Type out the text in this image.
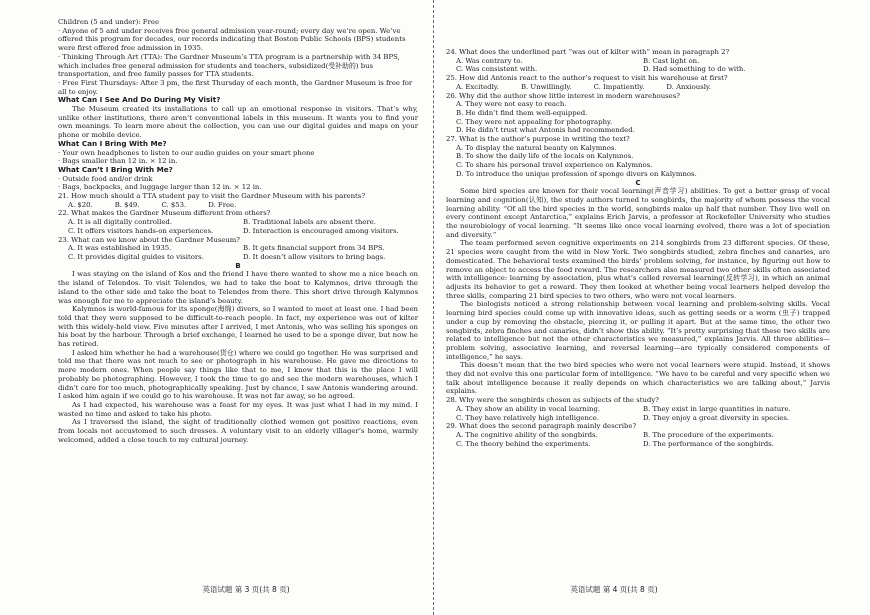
Children (5 and under): Free

· Anyone of 5 and under receives free general admission year-round; every day we’re open. We’ve offered this program for decades, our records indicating that Boston Public Schools (BPS) students were first offered free admission in 1935.

· Thinking Through Art (TTA): The Gardner Museum’s TTA program is a partnership with 34 BPS, which includes free general admission for students and teachers, subsidized(受补助的) bus transportation, and free family passes for TTA students.

· Free First Thursdays: After 3 pm, the first Thursday of each month, the Gardner Museum is free for all to enjoy.

What Can I See And Do During My Visit?

The Museum created its installations to call up an emotional response in visitors. That’s why, unlike other institutions, there aren’t conventional labels in this museum. It wants you to find your own meanings. To learn more about the collection, you can use our digital guides and maps on your phone or mobile device.

What Can I Bring With Me?

· Your own headphones to listen to our audio guides on your smart phone

· Bags smaller than 12 in. × 12 in.

What Can’t I Bring With Me?

· Outside food and/or drink

· Bags, backpacks, and luggage larger than 12 in. × 12 in.

21. How much should a TTA student pay to visit the Gardner Museum with his parents?

A. $20.	B. $49.	C. $53.	D. Free.

22. What makes the Gardner Museum different from others?

A. It is all digitally controlled.	B. Traditional labels are absent there.
C. It offers visitors hands-on experiences.	D. Interaction is encouraged among visitors.

23. What can we know about the Gardner Museum?

A. It was established in 1935.	B. It gets financial support from 34 BPS.
C. It provides digital guides to visitors.	D. It doesn’t allow visitors to bring bags.

B

I was staying on the island of Kos and the friend I have there wanted to show me a nice beach on the island of Telendos. To visit Telendos, we had to take the boat to Kalymnos, drive through the island to the other side and take the boat to Telendos from there. This short drive through Kalymnos was enough for me to appreciate the island’s beauty.

Kalymnos is world-famous for its sponge(海绵) divers, so I wanted to meet at least one. I had been told that they were supposed to be difficult-to-reach people. In fact, my experience was out of kilter with this widely-held view. Five minutes after I arrived, I met Antonis, who was selling his sponges on his boat by the harbour. Through a brief exchange, I learned he used to be a sponge diver, but now he has retired.

I asked him whether he had a warehouse(货仓) where we could go together. He was surprised and told me that there was not much to see or photograph in his warehouse. He gave me directions to more modern ones. When people say things like that to me, I know that this is the place I will probably be photographing. However, I took the time to go and see the modern warehouses, which I didn’t care for too much, photographically speaking. Just by chance, I saw Antonis wandering around. I asked him again if we could go to his warehouse. It was not far away, so he agreed.

As I had expected, his warehouse was a feast for my eyes. It was just what I had in my mind. I wasted no time and asked to take his photo.

As I traversed the island, the sight of traditionally clothed women got positive reactions, even from locals not accustomed to such dresses. A voluntary visit to an elderly villager’s home, warmly welcomed, added a close touch to my cultural journey.

英语试题 第 3 页(共 8 页)

24. What does the underlined part “was out of kilter with” mean in paragraph 2?

A. Was contrary to.	B. Cast light on.
C. Was consistent with.	D. Had something to do with.

25. How did Antonis react to the author’s request to visit his warehouse at first?

A. Excitedly.	B. Unwillingly.	C. Impatiently.	D. Anxiously.

26. Why did the author show little interest in modern warehouses?

A. They were not easy to reach.
B. He didn’t find them well-equipped.
C. They were not appealing for photography.
D. He didn’t trust what Antonis had recommended.

27. What is the author’s purpose in writing the text?

A. To display the natural beauty on Kalymnos.
B. To show the daily life of the locals on Kalymnos.
C. To share his personal travel experience on Kalymnos.
D. To introduce the unique profession of sponge divers on Kalymnos.

C

Some bird species are known for their vocal learning(声音学习) abilities. To get a better grasp of vocal learning and cognition(认知), the study authors turned to songbirds, the majority of whom possess the vocal learning ability. “Of all the bird species in the world, songbirds make up half that number. They live well on every continent except Antarctica,” explains Erich Jarvis, a professor at Rockefeller University who studies the neurobiology of vocal learning. “It seems like once vocal learning evolved, there was a lot of speciation and diversity.”

The team performed seven cognitive experiments on 214 songbirds from 23 different species. Of these, 21 species were caught from the wild in New York. Two songbirds studied, zebra finches and canaries, are domesticated. The behavioral tests examined the birds’ problem solving, for instance, by figuring out how to remove an object to access the food reward. The researchers also measured two other skills often associated with intelligence: learning by association, plus what’s called reversal learning(反转学习), in which an animal adjusts its behavior to get a reward. They then looked at whether being vocal learners helped develop the three skills, comparing 21 bird species to two others, who were not vocal learners.

The biologists noticed a strong relationship between vocal learning and problem-solving skills. Vocal learning bird species could come up with innovative ideas, such as getting seeds or a worm (虫子) trapped under a cup by removing the obstacle, piercing it, or pulling it apart. But at the same time, the other two songbirds, zebra finches and canaries, didn’t show this ability. “It’s pretty surprising that these two skills are related to intelligence but not the other characteristics we measured,” explains Jarvis. All three abilities—problem solving, associative learning, and reversal learning—are typically considered components of intelligence,” he says.

This doesn’t mean that the two bird species who were not vocal learners were stupid. Instead, it shows they did not evolve this one particular form of intelligence. “We have to be careful and very specific when we talk about intelligence because it really depends on which characteristics we are talking about,” Jarvis explains.

28. Why were the songbirds chosen as subjects of the study?

A. They show an ability in vocal learning.	B. They exist in large quantities in nature.
C. They have relatively high intelligence.	D. They enjoy a great diversity in species.

29. What does the second paragraph mainly describe?

A. The cognitive ability of the songbirds.	B. The procedure of the experiments.
C. The theory behind the experiments.	D. The performance of the songbirds.
英语试题 第 4 页(共 8 页)
